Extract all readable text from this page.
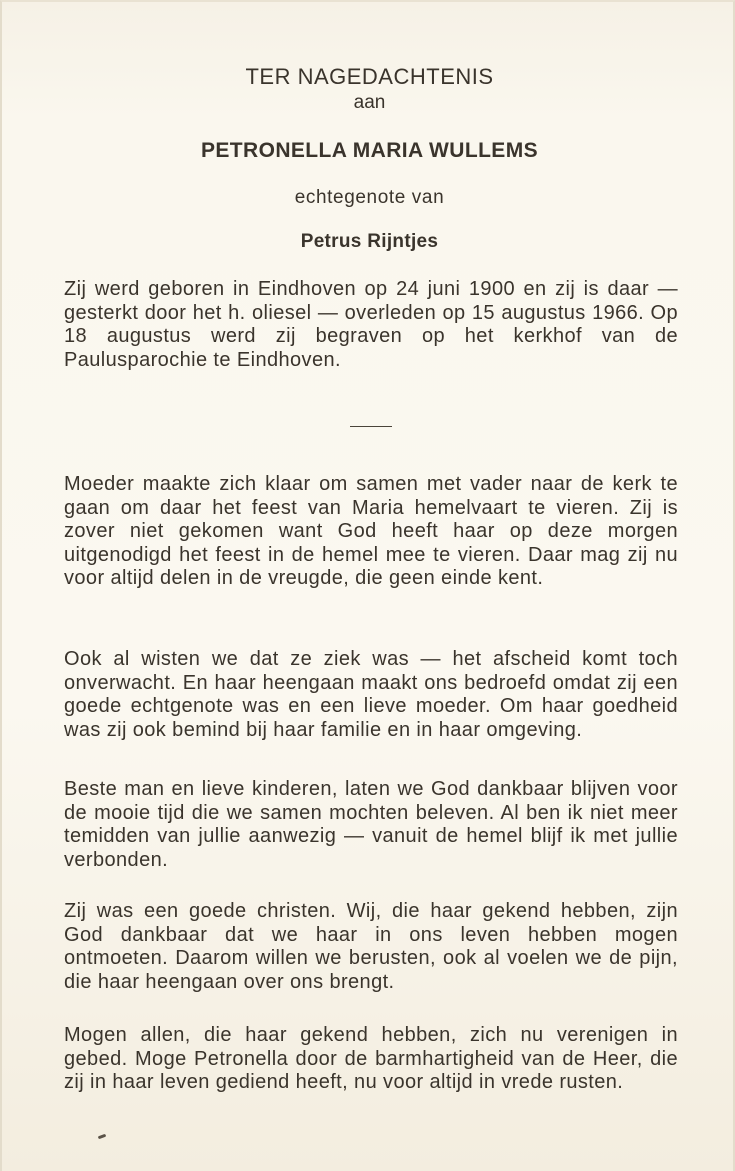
TER NAGEDACHTENIS
aan
PETRONELLA MARIA WULLEMS
echtegenote van
Petrus Rijntjes
Zij werd geboren in Eindhoven op 24 juni 1900 en zij is daar — gesterkt door het h. oliesel — overleden op 15 augustus 1966. Op 18 augustus werd zij begraven op het kerkhof van de Paulusparochie te Eindhoven.
Moeder maakte zich klaar om samen met vader naar de kerk te gaan om daar het feest van Maria hemelvaart te vieren. Zij is zover niet gekomen want God heeft haar op deze morgen uitgenodigd het feest in de hemel mee te vieren. Daar mag zij nu voor altijd delen in de vreugde, die geen einde kent.
Ook al wisten we dat ze ziek was — het afscheid komt toch onverwacht. En haar heengaan maakt ons bedroefd omdat zij een goede echtgenote was en een lieve moeder. Om haar goedheid was zij ook bemind bij haar familie en in haar omgeving.
Beste man en lieve kinderen, laten we God dankbaar blijven voor de mooie tijd die we samen mochten beleven. Al ben ik niet meer temidden van jullie aanwezig — vanuit de hemel blijf ik met jullie verbonden.
Zij was een goede christen. Wij, die haar gekend hebben, zijn God dankbaar dat we haar in ons leven hebben mogen ontmoeten. Daarom willen we berusten, ook al voelen we de pijn, die haar heengaan over ons brengt.
Mogen allen, die haar gekend hebben, zich nu verenigen in gebed. Moge Petronella door de barmhartigheid van de Heer, die zij in haar leven gediend heeft, nu voor altijd in vrede rusten.
